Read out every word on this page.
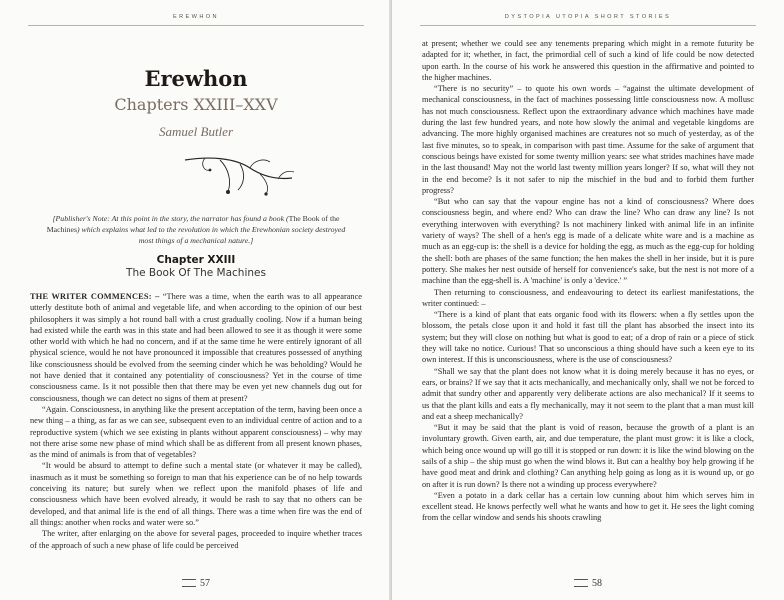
EREWHON
Erewhon
Chapters XXIII–XXV
Samuel Butler
[Publisher's Note: At this point in the story, the narrator has found a book (The Book of the Machines) which explains what led to the revolution in which the Erewhonian society destroyed most things of a mechanical nature.]
Chapter XXIII
The Book Of The Machines

THE WRITER COMMENCES: – “There was a time, when the earth was to all appearance utterly destitute both of animal and vegetable life, and when according to the opinion of our best philosophers it was simply a hot round ball with a crust gradually cooling. Now if a human being had existed while the earth was in this state and had been allowed to see it as though it were some other world with which he had no concern, and if at the same time he were entirely ignorant of all physical science, would he not have pronounced it impossible that creatures possessed of anything like consciousness should be evolved from the seeming cinder which he was beholding? Would he not have denied that it contained any potentiality of consciousness? Yet in the course of time consciousness came. Is it not possible then that there may be even yet new channels dug out for consciousness, though we can detect no signs of them at present?

“Again. Consciousness, in anything like the present acceptation of the term, having been once a new thing – a thing, as far as we can see, subsequent even to an individual centre of action and to a reproductive system (which we see existing in plants without apparent consciousness) – why may not there arise some new phase of mind which shall be as different from all present known phases, as the mind of animals is from that of vegetables?

“It would be absurd to attempt to define such a mental state (or whatever it may be called), inasmuch as it must be something so foreign to man that his experience can be of no help towards conceiving its nature; but surely when we reflect upon the manifold phases of life and consciousness which have been evolved already, it would be rash to say that no others can be developed, and that animal life is the end of all things. There was a time when fire was the end of all things: another when rocks and water were so.”

The writer, after enlarging on the above for several pages, proceeded to inquire whether traces of the approach of such a new phase of life could be perceived

57
DYSTOPIA UTOPIA SHORT STORIES

at present; whether we could see any tenements preparing which might in a remote futurity be adapted for it; whether, in fact, the primordial cell of such a kind of life could be now detected upon earth. In the course of his work he answered this question in the affirmative and pointed to the higher machines.

“There is no security” – to quote his own words – “against the ultimate development of mechanical consciousness, in the fact of machines possessing little consciousness now. A mollusc has not much consciousness. Reflect upon the extraordinary advance which machines have made during the last few hundred years, and note how slowly the animal and vegetable kingdoms are advancing. The more highly organised machines are creatures not so much of yesterday, as of the last five minutes, so to speak, in comparison with past time. Assume for the sake of argument that conscious beings have existed for some twenty million years: see what strides machines have made in the last thousand! May not the world last twenty million years longer? If so, what will they not in the end become? Is it not safer to nip the mischief in the bud and to forbid them further progress?

“But who can say that the vapour engine has not a kind of consciousness? Where does consciousness begin, and where end? Who can draw the line? Who can draw any line? Is not everything interwoven with everything? Is not machinery linked with animal life in an infinite variety of ways? The shell of a hen's egg is made of a delicate white ware and is a machine as much as an egg-cup is: the shell is a device for holding the egg, as much as the egg-cup for holding the shell: both are phases of the same function; the hen makes the shell in her inside, but it is pure pottery. She makes her nest outside of herself for convenience's sake, but the nest is not more of a machine than the egg-shell is. A 'machine' is only a 'device.' ”

Then returning to consciousness, and endeavouring to detect its earliest manifestations, the writer continued: –

“There is a kind of plant that eats organic food with its flowers: when a fly settles upon the blossom, the petals close upon it and hold it fast till the plant has absorbed the insect into its system; but they will close on nothing but what is good to eat; of a drop of rain or a piece of stick they will take no notice. Curious! That so unconscious a thing should have such a keen eye to its own interest. If this is unconsciousness, where is the use of consciousness?

“Shall we say that the plant does not know what it is doing merely because it has no eyes, or ears, or brains? If we say that it acts mechanically, and mechanically only, shall we not be forced to admit that sundry other and apparently very deliberate actions are also mechanical? If it seems to us that the plant kills and eats a fly mechanically, may it not seem to the plant that a man must kill and eat a sheep mechanically?

“But it may be said that the plant is void of reason, because the growth of a plant is an involuntary growth. Given earth, air, and due temperature, the plant must grow: it is like a clock, which being once wound up will go till it is stopped or run down: it is like the wind blowing on the sails of a ship – the ship must go when the wind blows it. But can a healthy boy help growing if he have good meat and drink and clothing? Can anything help going as long as it is wound up, or go on after it is run down? Is there not a winding up process everywhere?

“Even a potato in a dark cellar has a certain low cunning about him which serves him in excellent stead. He knows perfectly well what he wants and how to get it. He sees the light coming from the cellar window and sends his shoots crawling

58
